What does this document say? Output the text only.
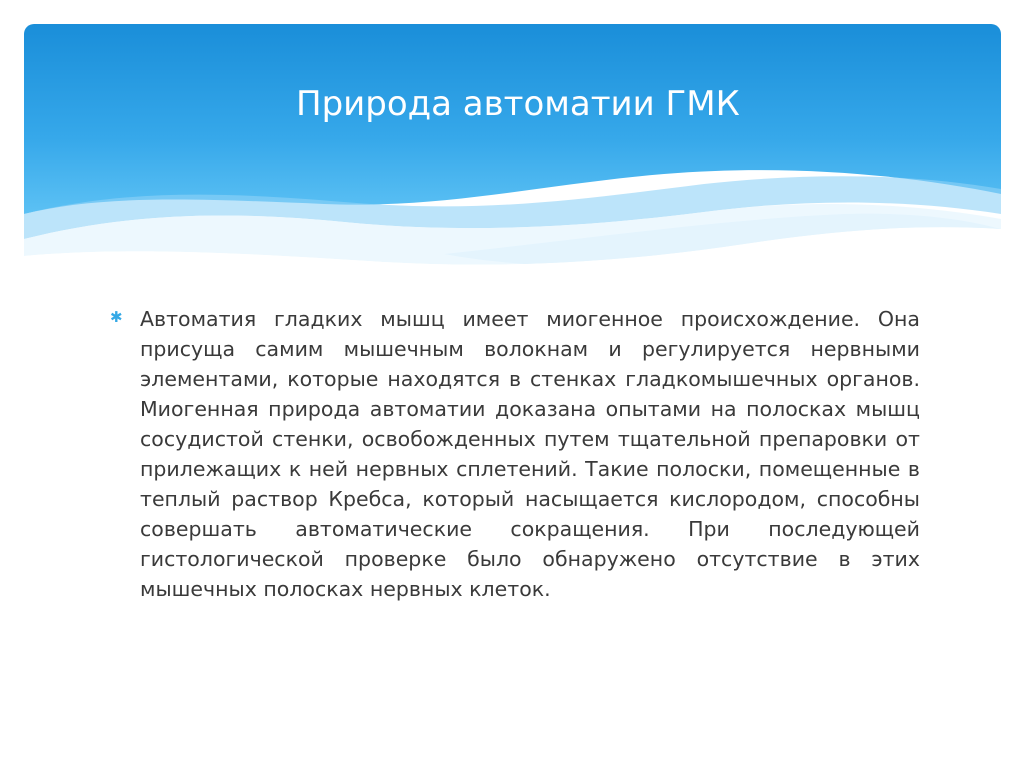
Природа автоматии ГМК
✱ Автоматия гладких мышц имеет миогенное происхождение. Она присуща самим мышечным волокнам и регулируется нервными элементами, которые находятся в стенках гладкомышечных органов. Миогенная природа автоматии доказана опытами на полосках мышц сосудистой стенки, освобожденных путем тщательной препаровки от прилежащих к ней нервных сплетений. Такие полоски, помещенные в теплый раствор Кребса, который насыщается кислородом, способны совершать автоматические сокращения. При последующей гистологической проверке было обнаружено отсутствие в этих мышечных полосках нервных клеток.
